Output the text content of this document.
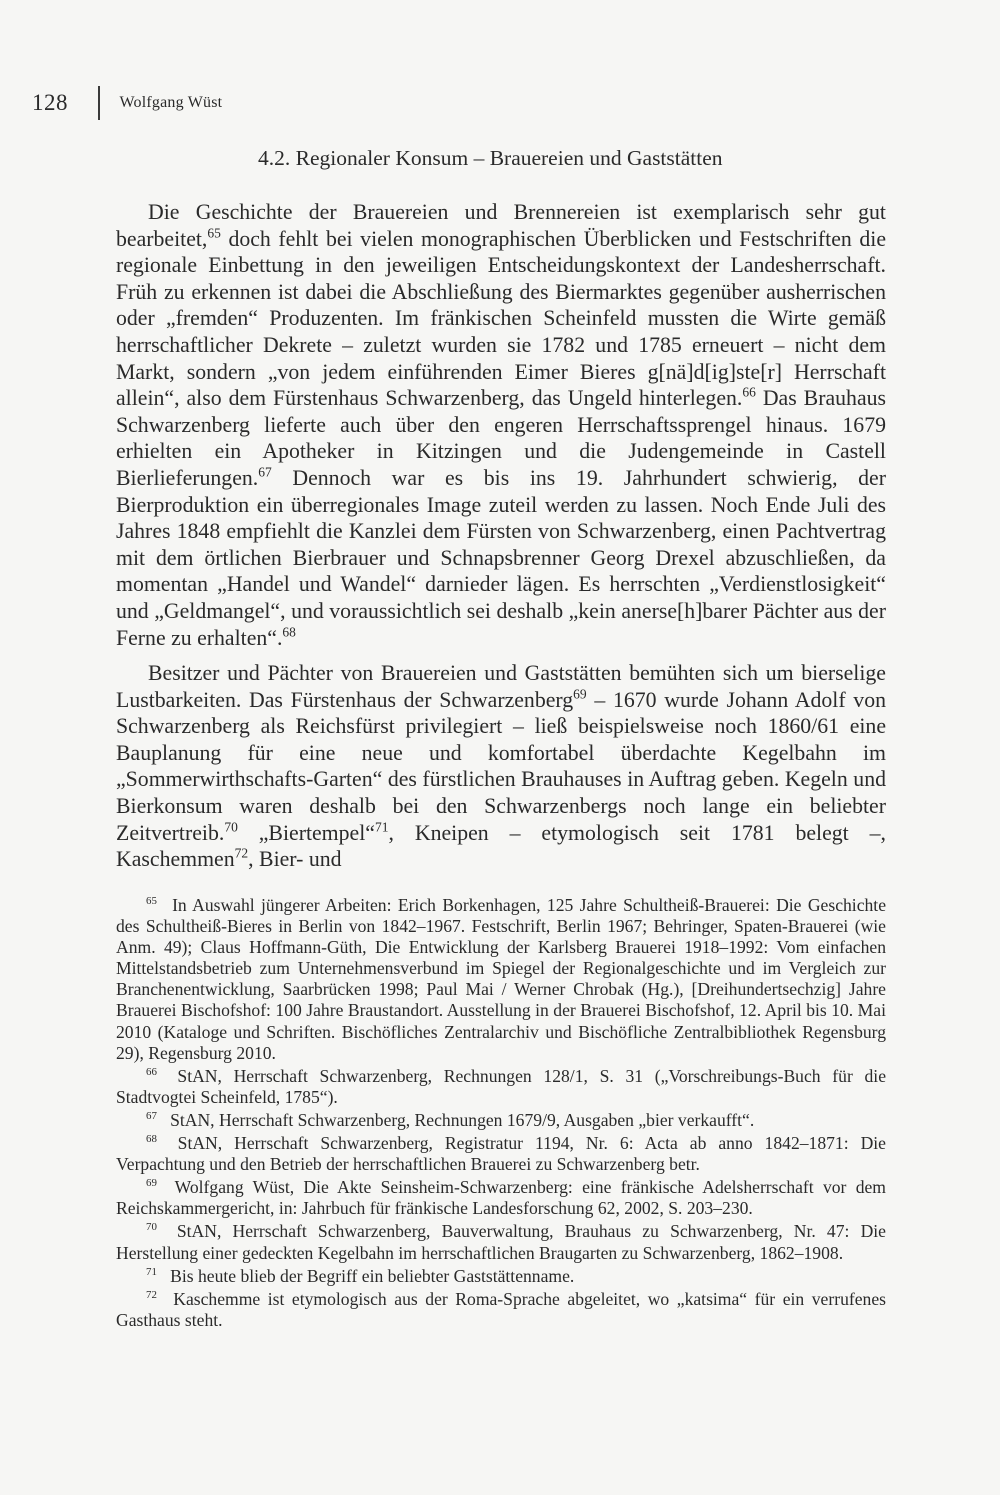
128	Wolfgang Wüst
4.2. Regionaler Konsum – Brauereien und Gaststätten

Die Geschichte der Brauereien und Brennereien ist exemplarisch sehr gut bearbeitet,$^{65}$ doch fehlt bei vielen monographischen Überblicken und Festschriften die regionale Einbettung in den jeweiligen Entscheidungskontext der Landesherrschaft. Früh zu erkennen ist dabei die Abschließung des Biermarktes gegenüber ausherrischen oder „fremden“ Produzenten. Im fränkischen Scheinfeld mussten die Wirte gemäß herrschaftlicher Dekrete – zuletzt wurden sie 1782 und 1785 erneuert – nicht dem Markt, sondern „von jedem einführenden Eimer Bieres g[nä]d[ig]ste[r] Herrschaft allein“, also dem Fürstenhaus Schwarzenberg, das Ungeld hinterlegen.$^{66}$ Das Brauhaus Schwarzenberg lieferte auch über den engeren Herrschaftssprengel hinaus. 1679 erhielten ein Apotheker in Kitzingen und die Judengemeinde in Castell Bierlieferungen.$^{67}$ Dennoch war es bis ins 19. Jahrhundert schwierig, der Bierproduktion ein überregionales Image zuteil werden zu lassen. Noch Ende Juli des Jahres 1848 empfiehlt die Kanzlei dem Fürsten von Schwarzenberg, einen Pachtvertrag mit dem örtlichen Bierbrauer und Schnapsbrenner Georg Drexel abzuschließen, da momentan „Handel und Wandel“ darnieder lägen. Es herrschten „Verdienstlosigkeit“ und „Geldmangel“, und voraussichtlich sei deshalb „kein anerse[h]barer Pächter aus der Ferne zu erhalten“.$^{68}$

Besitzer und Pächter von Brauereien und Gaststätten bemühten sich um bierselige Lustbarkeiten. Das Fürstenhaus der Schwarzenberg$^{69}$ – 1670 wurde Johann Adolf von Schwarzenberg als Reichsfürst privilegiert – ließ beispielsweise noch 1860/61 eine Bauplanung für eine neue und komfortabel überdachte Kegelbahn im „Sommerwirthschafts-Garten“ des fürstlichen Brauhauses in Auftrag geben. Kegeln und Bierkonsum waren deshalb bei den Schwarzenbergs noch lange ein beliebter Zeitvertreib.$^{70}$ „Biertempel“$^{71}$, Kneipen – etymologisch seit 1781 belegt –, Kaschemmen$^{72}$, Bier- und

$^{65}$  In Auswahl jüngerer Arbeiten: Erich Borkenhagen, 125 Jahre Schultheiß-Brauerei: Die Geschichte des Schultheiß-Bieres in Berlin von 1842–1967. Festschrift, Berlin 1967; Behringer, Spaten-Brauerei (wie Anm. 49); Claus Hoffmann-Güth, Die Entwicklung der Karlsberg Brauerei 1918–1992: Vom einfachen Mittelstandsbetrieb zum Unternehmensverbund im Spiegel der Regionalgeschichte und im Vergleich zur Branchenentwicklung, Saarbrücken 1998; Paul Mai / Werner Chrobak (Hg.), [Dreihundertsechzig] Jahre Brauerei Bischofshof: 100 Jahre Braustandort. Ausstellung in der Brauerei Bischofshof, 12. April bis 10. Mai 2010 (Kataloge und Schriften. Bischöfliches Zentralarchiv und Bischöfliche Zentralbibliothek Regensburg 29), Regensburg 2010.
$^{66}$  StAN, Herrschaft Schwarzenberg, Rechnungen 128/1, S. 31 („Vorschreibungs-Buch für die Stadtvogtei Scheinfeld, 1785“).
$^{67}$  StAN, Herrschaft Schwarzenberg, Rechnungen 1679/9, Ausgaben „bier verkaufft“.
$^{68}$  StAN, Herrschaft Schwarzenberg, Registratur 1194, Nr. 6: Acta ab anno 1842–1871: Die Verpachtung und den Betrieb der herrschaftlichen Brauerei zu Schwarzenberg betr.
$^{69}$  Wolfgang Wüst, Die Akte Seinsheim-Schwarzenberg: eine fränkische Adelsherrschaft vor dem Reichskammergericht, in: Jahrbuch für fränkische Landesforschung 62, 2002, S. 203–230.
$^{70}$  StAN, Herrschaft Schwarzenberg, Bauverwaltung, Brauhaus zu Schwarzenberg, Nr. 47: Die Herstellung einer gedeckten Kegelbahn im herrschaftlichen Braugarten zu Schwarzenberg, 1862–1908.
$^{71}$  Bis heute blieb der Begriff ein beliebter Gaststättenname.
$^{72}$  Kaschemme ist etymologisch aus der Roma-Sprache abgeleitet, wo „katsima“ für ein verrufenes Gasthaus steht.
